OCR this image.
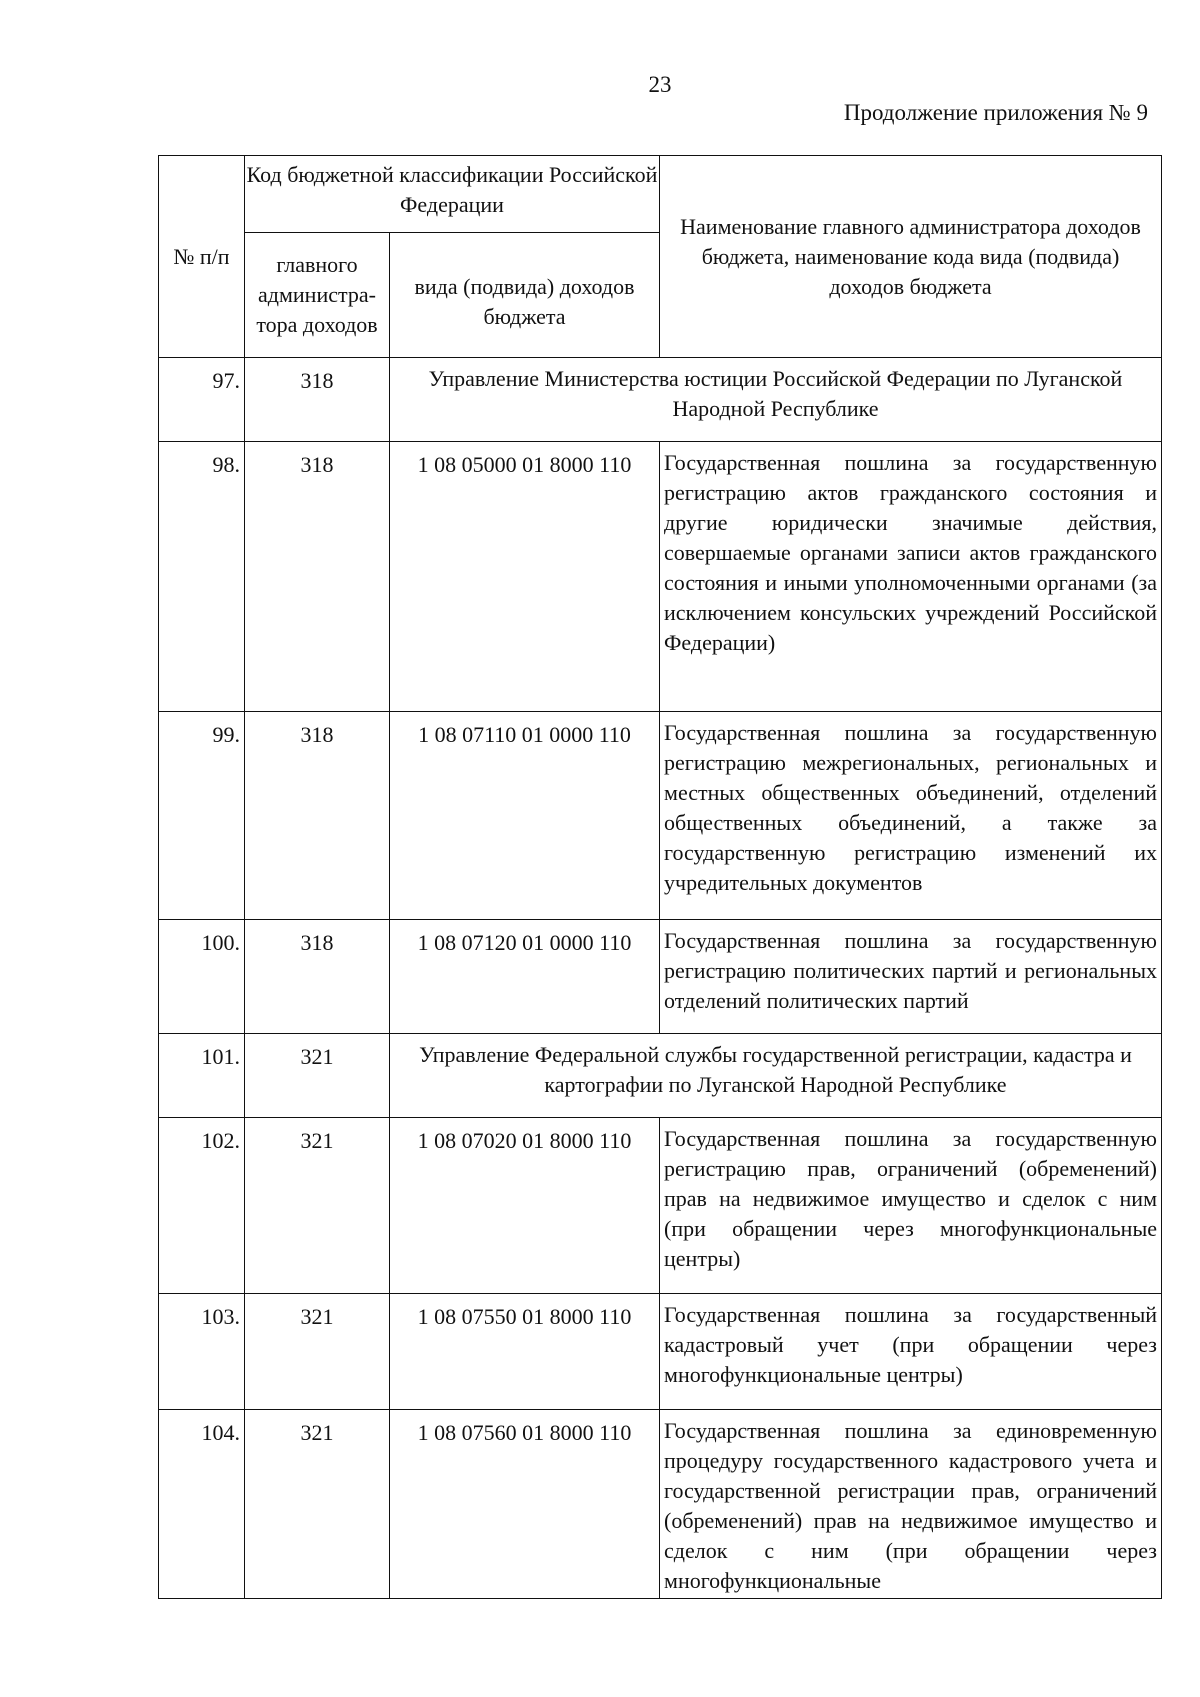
23
Продолжение приложения № 9
№ п/п	Код бюджетной классификации Российской Федерации		Наименование главного администратора доходов бюджета, наименование кода вида (подвида) доходов бюджета
	главного администра-тора доходов	вида (подвида) доходов бюджета	
97.	318	Управление Министерства юстиции Российской Федерации по Луганской Народной Республике	
98.	318	1 08 05000 01 8000 110	Государственная пошлина за государственную регистрацию актов гражданского состояния и другие юридически значимые действия, совершаемые органами записи актов гражданского состояния и иными уполномоченными органами (за исключением консульских учреждений Российской Федерации)
99.	318	1 08 07110 01 0000 110	Государственная пошлина за государственную регистрацию межрегиональных, региональных и местных общественных объединений, отделений общественных объединений, а также за государственную регистрацию изменений их учредительных документов
100.	318	1 08 07120 01 0000 110	Государственная пошлина за государственную регистрацию политических партий и региональных отделений политических партий
101.	321	Управление Федеральной службы государственной регистрации, кадастра и картографии по Луганской Народной Республике	
102.	321	1 08 07020 01 8000 110	Государственная пошлина за государственную регистрацию прав, ограничений (обременений) прав на недвижимое имущество и сделок с ним (при обращении через многофункциональные центры)
103.	321	1 08 07550 01 8000 110	Государственная пошлина за государственный кадастровый учет (при обращении через многофункциональные центры)
104.	321	1 08 07560 01 8000 110	Государственная пошлина за единовременную процедуру государственного кадастрового учета и государственной регистрации прав, ограничений (обременений) прав на недвижимое имущество и сделок с ним (при обращении через многофункциональные
